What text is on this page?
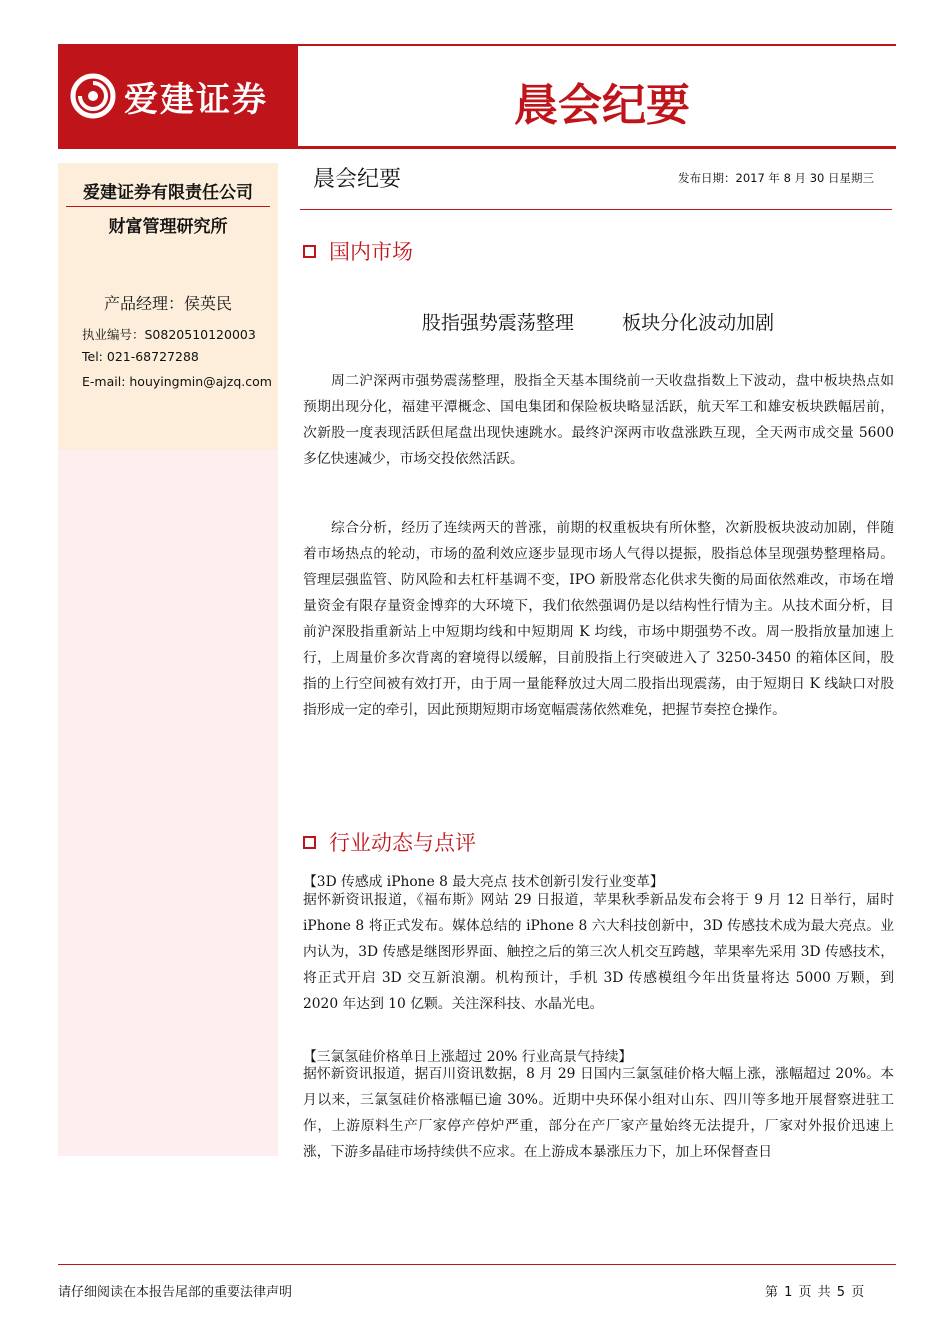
爱建证券	晨会纪要
爱建证券有限责任公司
财富管理研究所
产品经理：侯英民
执业编号：S0820510120003
Tel: 021-68727288
E-mail: houyingmin@ajzq.com
晨会纪要	发布日期：2017 年 8 月 30 日星期三
国内市场
股指强势震荡整理        板块分化波动加剧

周二沪深两市强势震荡整理，股指全天基本围绕前一天收盘指数上下波动，盘中板块热点如预期出现分化，福建平潭概念、国电集团和保险板块略显活跃，航天军工和雄安板块跌幅居前，次新股一度表现活跃但尾盘出现快速跳水。最终沪深两市收盘涨跌互现，全天两市成交量 5600 多亿快速减少，市场交投依然活跃。

综合分析，经历了连续两天的普涨，前期的权重板块有所休整，次新股板块波动加剧，伴随着市场热点的轮动，市场的盈利效应逐步显现市场人气得以提振，股指总体呈现强势整理格局。管理层强监管、防风险和去杠杆基调不变，IPO 新股常态化供求失衡的局面依然难改，市场在增量资金有限存量资金博弈的大环境下，我们依然强调仍是以结构性行情为主。从技术面分析，目前沪深股指重新站上中短期均线和中短期周 K 均线，市场中期强势不改。周一股指放量加速上行，上周量价多次背离的窘境得以缓解，目前股指上行突破进入了 3250-3450 的箱体区间，股指的上行空间被有效打开，由于周一量能释放过大周二股指出现震荡，由于短期日 K 线缺口对股指形成一定的牵引，因此预期短期市场宽幅震荡依然难免，把握节奏控仓操作。

行业动态与点评
【3D 传感成 iPhone 8 最大亮点 技术创新引发行业变革】

据怀新资讯报道，《福布斯》网站 29 日报道，苹果秋季新品发布会将于 9 月 12 日举行，届时 iPhone 8 将正式发布。媒体总结的 iPhone 8 六大科技创新中，3D 传感技术成为最大亮点。业内认为，3D 传感是继图形界面、触控之后的第三次人机交互跨越，苹果率先采用 3D 传感技术，将正式开启 3D 交互新浪潮。机构预计，手机 3D 传感模组今年出货量将达 5000 万颗，到 2020 年达到 10 亿颗。关注深科技、水晶光电。

【三氯氢硅价格单日上涨超过 20% 行业高景气持续】

据怀新资讯报道，据百川资讯数据，8 月 29 日国内三氯氢硅价格大幅上涨，涨幅超过 20%。本月以来，三氯氢硅价格涨幅已逾 30%。近期中央环保小组对山东、四川等多地开展督察进驻工作，上游原料生产厂家停产停炉严重，部分在产厂家产量始终无法提升，厂家对外报价迅速上涨，下游多晶硅市场持续供不应求。在上游成本暴涨压力下，加上环保督查日

请仔细阅读在本报告尾部的重要法律声明	第 1 页 共 5 页
